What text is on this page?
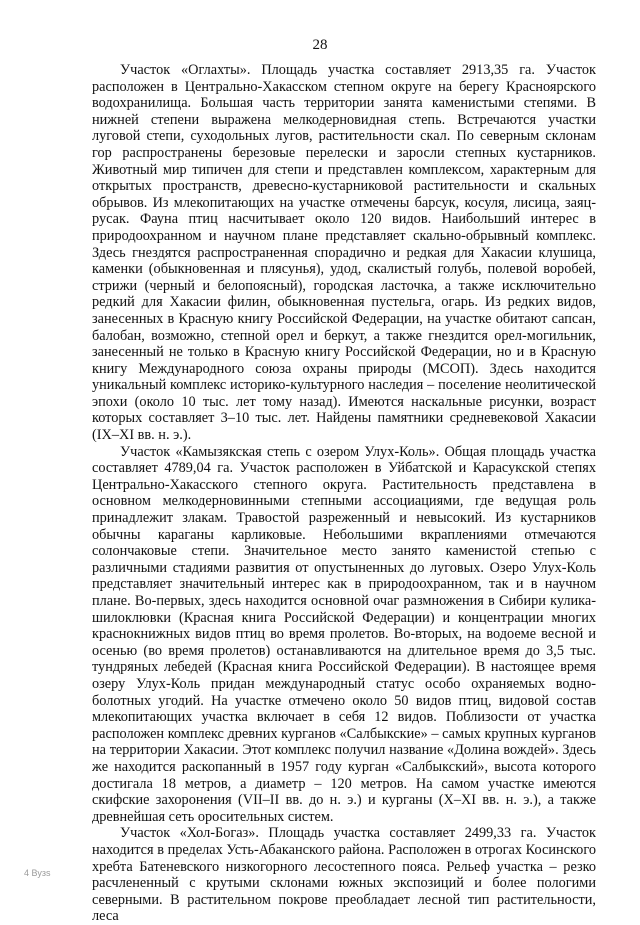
28

Участок «Оглахты». Площадь участка составляет 2913,35 га. Участок расположен в Центрально-Хакасском степном округе на берегу Красноярского водохранилища. Большая часть территории занята каменистыми степями. В нижней степени выражена мелкодерновидная степь. Встречаются участки луговой степи, суходольных лугов, растительности скал. По северным склонам гор распространены березовые перелески и заросли степных кустарников. Животный мир типичен для степи и представлен комплексом, характерным для открытых пространств, древесно-кустарниковой растительности и скальных обрывов. Из млекопитающих на участке отмечены барсук, косуля, лисица, заяц-русак. Фауна птиц насчитывает около 120 видов. Наибольший интерес в природоохранном и научном плане представляет скально-обрывный комплекс. Здесь гнездятся распространенная спорадично и редкая для Хакасии клушица, каменки (обыкновенная и плясунья), удод, скалистый голубь, полевой воробей, стрижи (черный и белопоясный), городская ласточка, а также исключительно редкий для Хакасии филин, обыкновенная пустельга, огарь. Из редких видов, занесенных в Красную книгу Российской Федерации, на участке обитают сапсан, балобан, возможно, степной орел и беркут, а также гнездится орел-могильник, занесенный не только в Красную книгу Российской Федерации, но и в Красную книгу Международного союза охраны природы (МСОП). Здесь находится уникальный комплекс историко-культурного наследия – поселение неолитической эпохи (около 10 тыс. лет тому назад). Имеются наскальные рисунки, возраст которых составляет 3–10 тыс. лет. Найдены памятники средневековой Хакасии (IX–XI вв. н. э.).

Участок «Камызякская степь с озером Улух-Коль». Общая площадь участка составляет 4789,04 га. Участок расположен в Уйбатской и Карасукской степях Центрально-Хакасского степного округа. Растительность представлена в основном мелкодерновинными степными ассоциациями, где ведущая роль принадлежит злакам. Травостой разреженный и невысокий. Из кустарников обычны караганы карликовые. Небольшими вкраплениями отмечаются солончаковые степи. Значительное место занято каменистой степью с различными стадиями развития от опустыненных до луговых. Озеро Улух-Коль представляет значительный интерес как в природоохранном, так и в научном плане. Во-первых, здесь находится основной очаг размножения в Сибири кулика-шилоклювки (Красная книга Российской Федерации) и концентрации многих краснокнижных видов птиц во время пролетов. Во-вторых, на водоеме весной и осенью (во время пролетов) останавливаются на длительное время до 3,5 тыс. тундряных лебедей (Красная книга Российской Федерации). В настоящее время озеру Улух-Коль придан международный статус особо охраняемых водно-болотных угодий. На участке отмечено около 50 видов птиц, видовой состав млекопитающих участка включает в себя 12 видов. Поблизости от участка расположен комплекс древних курганов «Салбыкские» – самых крупных курганов на территории Хакасии. Этот комплекс получил название «Долина вождей». Здесь же находится раскопанный в 1957 году курган «Салбыкский», высота которого достигала 18 метров, а диаметр – 120 метров. На самом участке имеются скифские захоронения (VII–II вв. до н. э.) и курганы (X–XI вв. н. э.), а также древнейшая сеть оросительных систем.

Участок «Хол-Богаз». Площадь участка составляет 2499,33 га. Участок находится в пределах Усть-Абаканского района. Расположен в отрогах Косинского хребта Батеневского низкогорного лесостепного пояса. Рельеф участка – резко расчлененный с крутыми склонами южных экспозиций и более пологими северными. В растительном покрове преобладает лесной тип растительности, леса

4 Вузs
